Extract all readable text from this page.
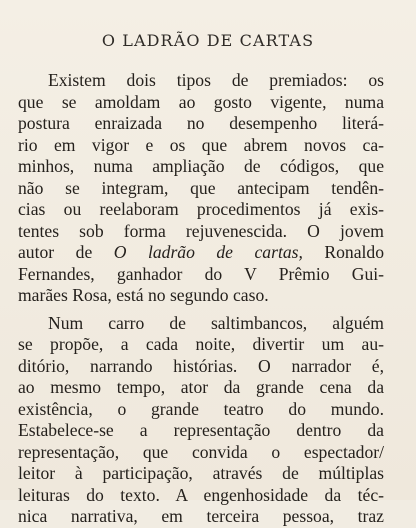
O LADRÃO DE CARTAS
Existem dois tipos de premiados: os
que se amoldam ao gosto vigente, numa
postura enraizada no desempenho literá-
rio em vigor e os que abrem novos ca-
minhos, numa ampliação de códigos, que
não se integram, que antecipam tendên-
cias ou reelaboram procedimentos já exis-
tentes sob forma rejuvenescida. O jovem
autor de O ladrão de cartas, Ronaldo
Fernandes, ganhador do V Prêmio Gui-
marães Rosa, está no segundo caso.
Num carro de saltimbancos, alguém
se propõe, a cada noite, divertir um au-
ditório, narrando histórias. O narrador é,
ao mesmo tempo, ator da grande cena da
existência, o grande teatro do mundo.
Estabelece-se a representação dentro da
representação, que convida o espectador/
leitor à participação, através de múltiplas
leituras do texto. A engenhosidade da téc-
nica narrativa, em terceira pessoa, traz
